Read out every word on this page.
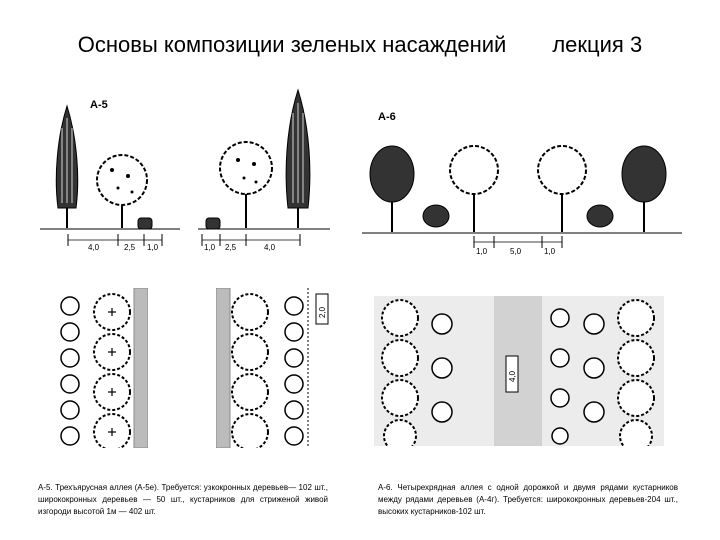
Основы композиции зеленых насаждений лекция 3
А-5
4,0	2,5 1,0	1,0 2,5	4,0
А-6
1,0	5,0	1,0
2,0
4,0
А-5. Трехъярусная аллея (А-5е). Требуется: узкокронных деревьев— 102 шт., ширококронных деревьев — 50 шт., кустарников для стриженой живой изгороди высотой 1м — 402 шт.
А-6. Четырехрядная аллея с одной дорожкой и двумя рядами кустарников между рядами деревьев (А-4г). Требуется: ширококронных деревьев-204 шт., высоких кустарников-102 шт.
